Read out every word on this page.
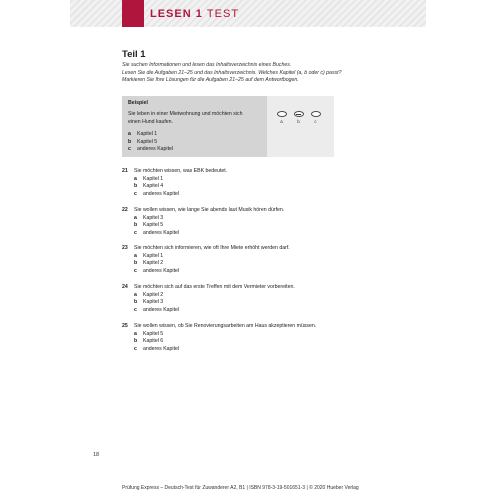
LESEN 1 TEST
Teil 1
Sie suchen Informationen und lesen das Inhaltsverzeichnis eines Buches.
Lesen Sie die Aufgaben 21–25 und das Inhaltsverzeichnis. Welches Kapitel (a, b oder c) passt?
Markieren Sie Ihre Lösungen für die Aufgaben 21–25 auf dem Antwortbogen.
Beispiel
Sie leben in einer Mietwohnung und möchten sich einen Hund kaufen.
a Kapitel 1
b Kapitel 5
c anderes Kapitel
a	b	c
21 Sie möchten wissen, was EBK bedeutet.
a Kapitel 1
b Kapitel 4
c anderes Kapitel
22 Sie wollen wissen, wie lange Sie abends laut Musik hören dürfen.
a Kapitel 3
b Kapitel 5
c anderes Kapitel
23 Sie möchten sich informieren, wie oft Ihre Miete erhöht werden darf.
a Kapitel 1
b Kapitel 2
c anderes Kapitel
24 Sie möchten sich auf das erste Treffen mit dem Vermieter vorbereiten.
a Kapitel 2
b Kapitel 3
c anderes Kapitel
25 Sie wollen wissen, ob Sie Renovierungsarbeiten am Haus akzeptieren müssen.
a Kapitel 5
b Kapitel 6
c anderes Kapitel
18
Prüfung Express – Deutsch-Test für Zuwanderer A2, B1 | ISBN 978-3-19-501651-3 | © 2020 Hueber Verlag
